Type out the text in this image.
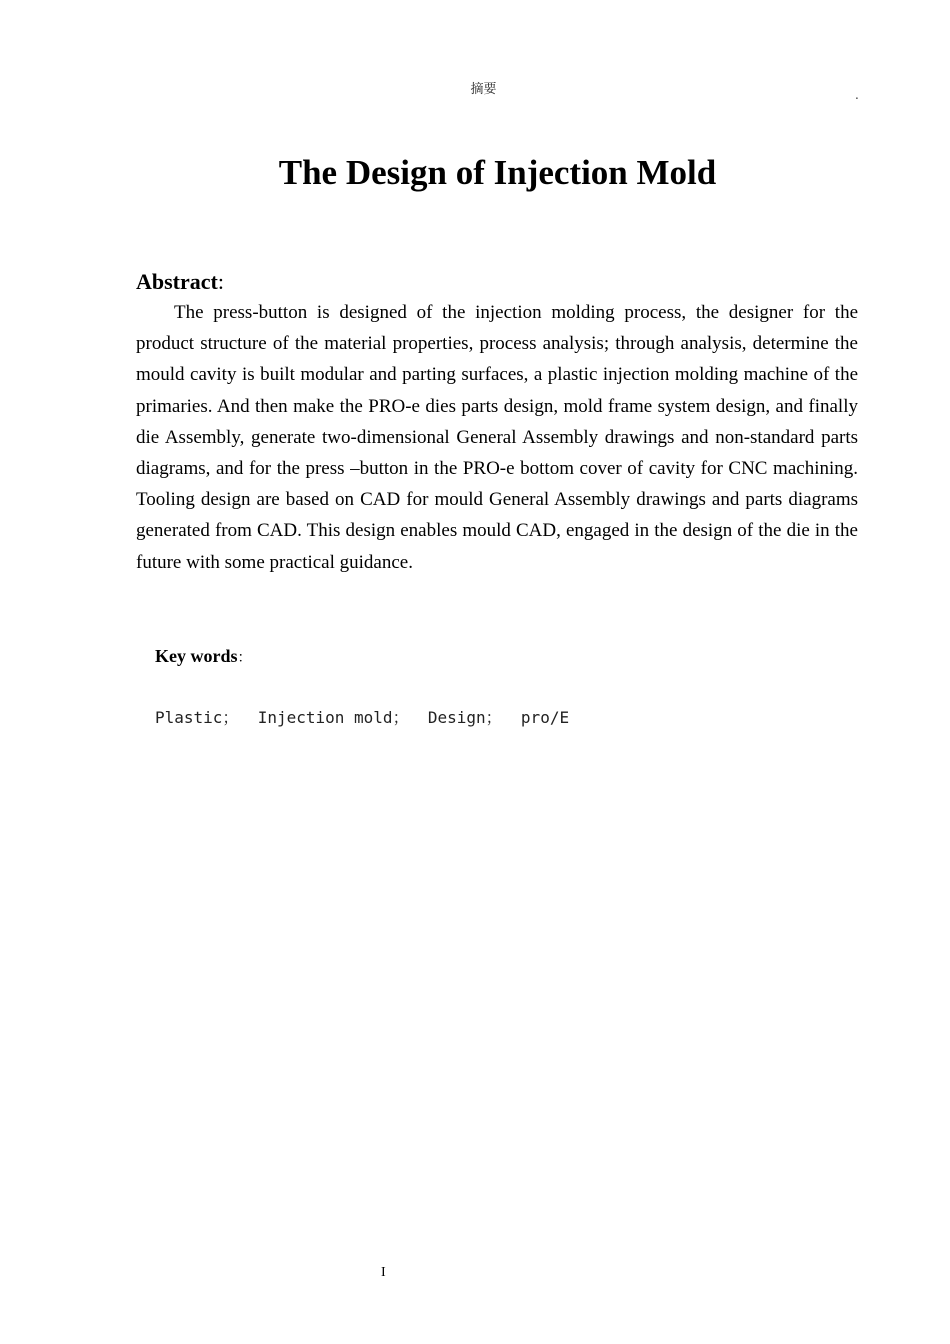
摘要	.
The Design of Injection Mold
Abstract:

The press-button is designed of the injection molding process, the designer for the product structure of the material properties, process analysis; through analysis, determine the mould cavity is built modular and parting surfaces, a plastic injection molding machine of the primaries. And then make the PRO-e dies parts design, mold frame system design, and finally die Assembly, generate two-dimensional General Assembly drawings and non-standard parts diagrams, and for the press –button in the PRO-e bottom cover of cavity for CNC machining. Tooling design are based on CAD for mould General Assembly drawings and parts diagrams generated from CAD. This design enables mould CAD, engaged in the design of the die in the future with some practical guidance.

Key words：
Plastic； Injection mold； Design； pro/E
I
